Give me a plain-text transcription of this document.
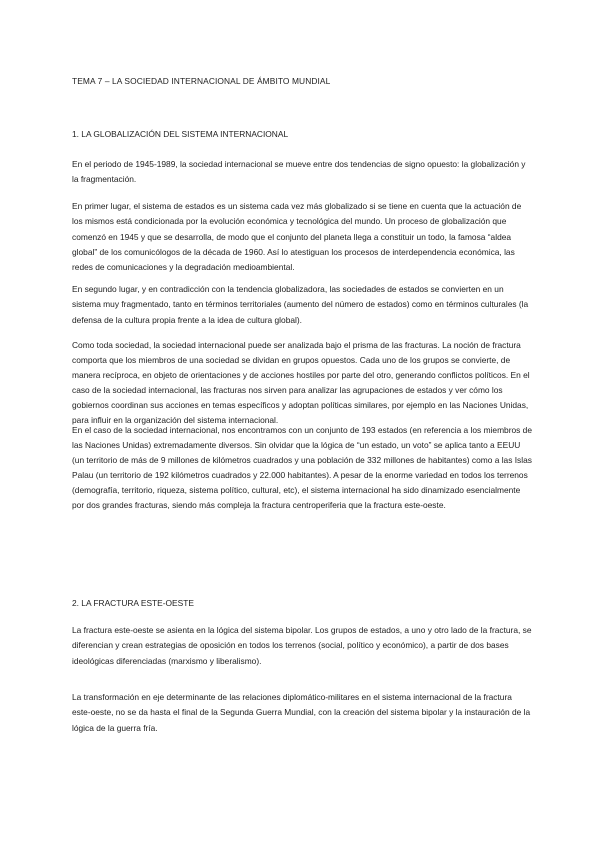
TEMA 7 – LA SOCIEDAD INTERNACIONAL DE ÁMBITO MUNDIAL
1. LA GLOBALIZACIÓN DEL SISTEMA INTERNACIONAL

En el periodo de 1945-1989, la sociedad internacional se mueve entre dos tendencias de signo opuesto: la globalización y la fragmentación.

En primer lugar, el sistema de estados es un sistema cada vez más globalizado si se tiene en cuenta que la actuación de los mismos está condicionada por la evolución económica y tecnológica del mundo. Un proceso de globalización que comenzó en 1945 y que se desarrolla, de modo que el conjunto del planeta llega a constituir un todo, la famosa “aldea global” de los comunicólogos de la década de 1960. Así lo atestiguan los procesos de interdependencia económica, las redes de comunicaciones y la degradación medioambiental.

En segundo lugar, y en contradicción con la tendencia globalizadora, las sociedades de estados se convierten en un sistema muy fragmentado, tanto en términos territoriales (aumento del número de estados) como en términos culturales (la defensa de la cultura propia frente a la idea de cultura global).

Como toda sociedad, la sociedad internacional puede ser analizada bajo el prisma de las fracturas. La noción de fractura comporta que los miembros de una sociedad se dividan en grupos opuestos. Cada uno de los grupos se convierte, de manera recíproca, en objeto de orientaciones y de acciones hostiles por parte del otro, generando conflictos políticos. En el caso de la sociedad internacional, las fracturas nos sirven para analizar las agrupaciones de estados y ver cómo los gobiernos coordinan sus acciones en temas específicos y adoptan políticas similares, por ejemplo en las Naciones Unidas, para influir en la organización del sistema internacional.

En el caso de la sociedad internacional, nos encontramos con un conjunto de 193 estados (en referencia a los miembros de las Naciones Unidas) extremadamente diversos. Sin olvidar que la lógica de “un estado, un voto” se aplica tanto a EEUU (un territorio de más de 9 millones de kilómetros cuadrados y una población de 332 millones de habitantes) como a las Islas Palau (un territorio de 192 kilómetros cuadrados y 22.000 habitantes). A pesar de la enorme variedad en todos los terrenos (demografía, territorio, riqueza, sistema político, cultural, etc), el sistema internacional ha sido dinamizado esencialmente por dos grandes fracturas, siendo más compleja la fractura centroperiferia que la fractura este-oeste.

2. LA FRACTURA ESTE-OESTE

La fractura este-oeste se asienta en la lógica del sistema bipolar. Los grupos de estados, a uno y otro lado de la fractura, se diferencian y crean estrategias de oposición en todos los terrenos (social, político y económico), a partir de dos bases ideológicas diferenciadas (marxismo y liberalismo).

La transformación en eje determinante de las relaciones diplomático-militares en el sistema internacional de la fractura este-oeste, no se da hasta el final de la Segunda Guerra Mundial, con la creación del sistema bipolar y la instauración de la lógica de la guerra fría.
